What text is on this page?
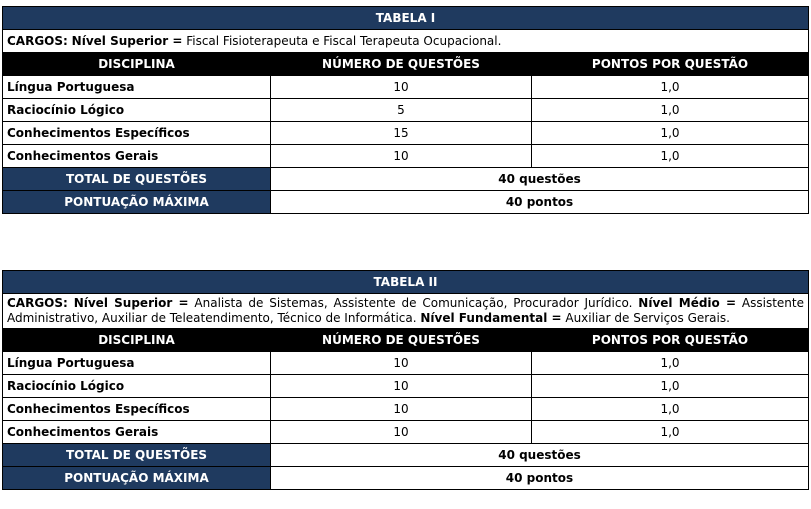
TABELA I		
CARGOS: Nível Superior = Fiscal Fisioterapeuta e Fiscal Terapeuta Ocupacional.		
DISCIPLINA	NÚMERO DE QUESTÕES	PONTOS POR QUESTÃO
Língua Portuguesa	10	1,0
Raciocínio Lógico	5	1,0
Conhecimentos Específicos	15	1,0
Conhecimentos Gerais	10	1,0
TOTAL DE QUESTÕES	40 questões	
PONTUAÇÃO MÁXIMA	40 pontos	
TABELA II		
CARGOS: Nível Superior = Analista de Sistemas, Assistente de Comunicação, Procurador Jurídico. Nível Médio = Assistente Administrativo, Auxiliar de Teleatendimento, Técnico de Informática. Nível Fundamental = Auxiliar de Serviços Gerais.		
DISCIPLINA	NÚMERO DE QUESTÕES	PONTOS POR QUESTÃO
Língua Portuguesa	10	1,0
Raciocínio Lógico	10	1,0
Conhecimentos Específicos	10	1,0
Conhecimentos Gerais	10	1,0
TOTAL DE QUESTÕES	40 questões	
PONTUAÇÃO MÁXIMA	40 pontos	
